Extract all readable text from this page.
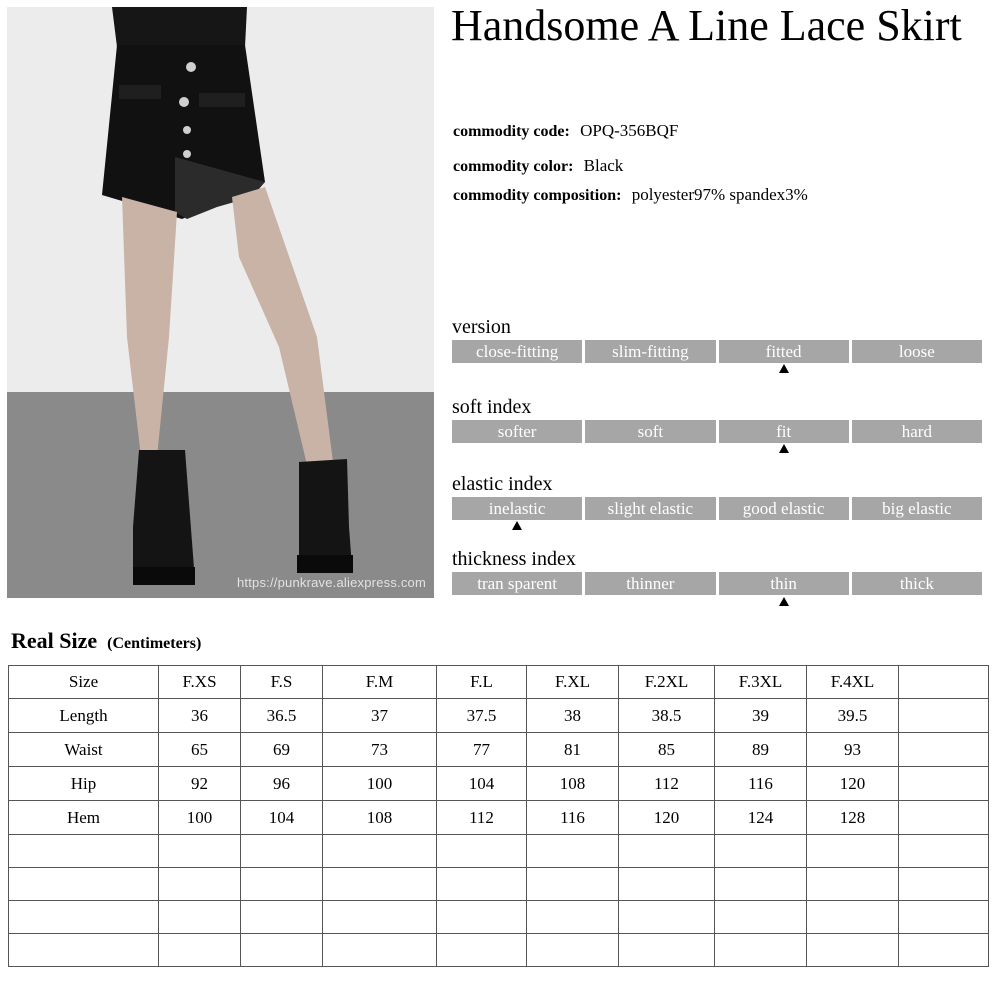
https://punkrave.aliexpress.com
Handsome A Line Lace Skirt
commodity code: OPQ-356BQF
commodity color: Black
commodity composition: polyester97% spandex3%
version
close-fitting	slim-fitting	fitted	loose
soft index
softer	soft	fit	hard
elastic index
inelastic	slight elastic	good elastic	big elastic
thickness index
tran sparent	thinner	thin	thick
Real Size (Centimeters)
Size	F.XS	F.S	F.M	F.L	F.XL	F.2XL	F.3XL	F.4XL	
Length	36	36.5	37	37.5	38	38.5	39	39.5	
Waist	65	69	73	77	81	85	89	93	
Hip	92	96	100	104	108	112	116	120	
Hem	100	104	108	112	116	120	124	128	
